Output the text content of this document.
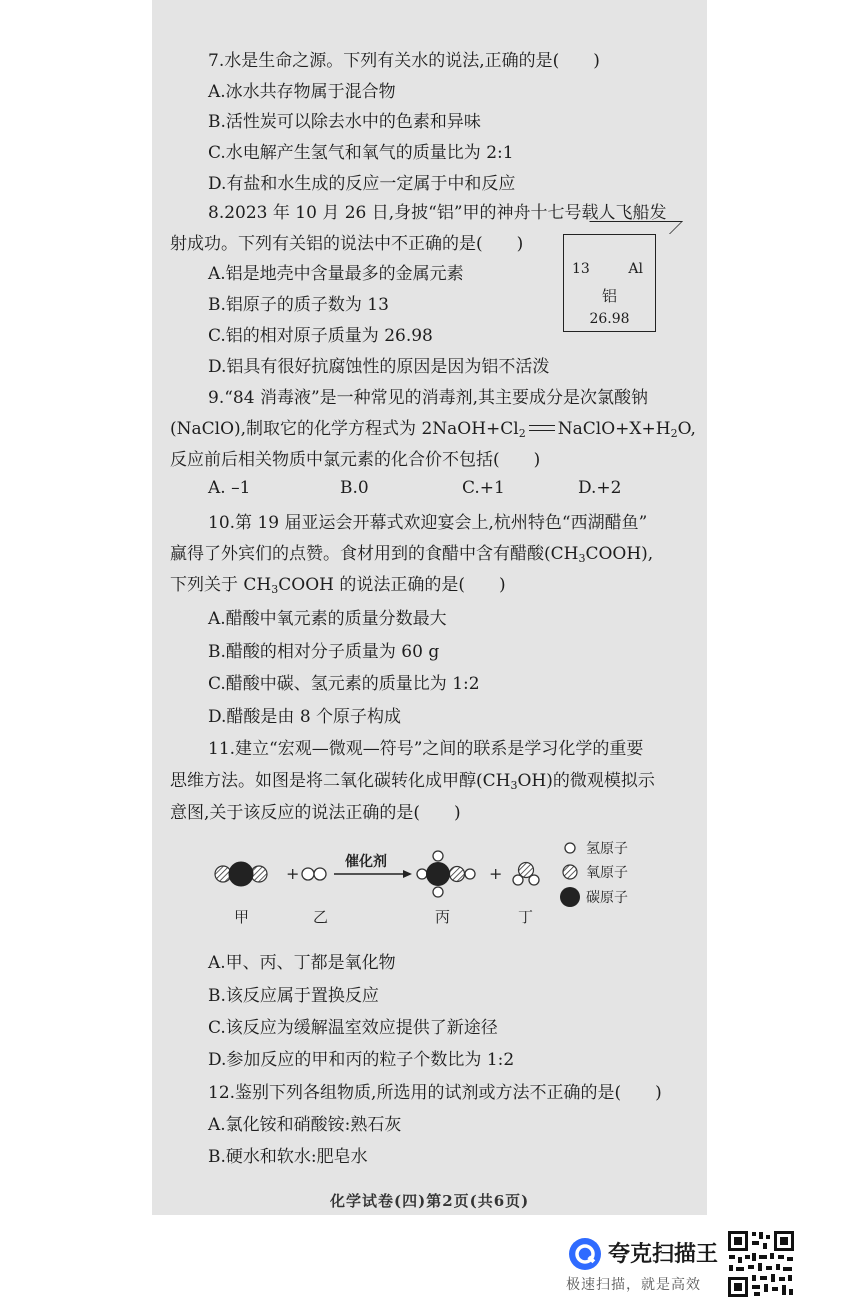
7.水是生命之源。下列有关水的说法,正确的是(　　)
A.冰水共存物属于混合物
B.活性炭可以除去水中的色素和异味
C.水电解产生氢气和氧气的质量比为 2:1
D.有盐和水生成的反应一定属于中和反应
8.2023 年 10 月 26 日,身披“铝”甲的神舟十七号载人飞船发
射成功。下列有关铝的说法中不正确的是(　　)
A.铝是地壳中含量最多的金属元素
B.铝原子的质子数为 13
C.铝的相对原子质量为 26.98
D.铝具有很好抗腐蚀性的原因是因为铝不活泼
13	Al
铝
26.98
9.“84 消毒液”是一种常见的消毒剂,其主要成分是次氯酸钠
(NaClO),制取它的化学方程式为 $2NaOH+Cl_2$ $NaClO+X+H_2O$,
反应前后相关物质中氯元素的化合价不包括(　　)
A. –1	B.0	C.+1	D.+2
10.第 19 届亚运会开幕式欢迎宴会上,杭州特色“西湖醋鱼”
赢得了外宾们的点赞。食材用到的食醋中含有醋酸$(CH_3COOH)$,
下列关于 $CH_3COOH$ 的说法正确的是(　　)
A.醋酸中氧元素的质量分数最大
B.醋酸的相对分子质量为 60 g
C.醋酸中碳、氢元素的质量比为 1:2
D.醋酸是由 8 个原子构成
11.建立“宏观—微观—符号”之间的联系是学习化学的重要
思维方法。如图是将二氧化碳转化成甲醇$(CH_3OH)$的微观模拟示
意图,关于该反应的说法正确的是(　　)
+
催化剂
+
甲	乙	丙	丁
氢原子
氧原子
碳原子
A.甲、丙、丁都是氧化物
B.该反应属于置换反应
C.该反应为缓解温室效应提供了新途径
D.参加反应的甲和丙的粒子个数比为 1:2
12.鉴别下列各组物质,所选用的试剂或方法不正确的是(　　)
A.氯化铵和硝酸铵:熟石灰
B.硬水和软水:肥皂水
化学试卷(四)第2页(共6页)
夸克扫描王
极速扫描，就是高效
